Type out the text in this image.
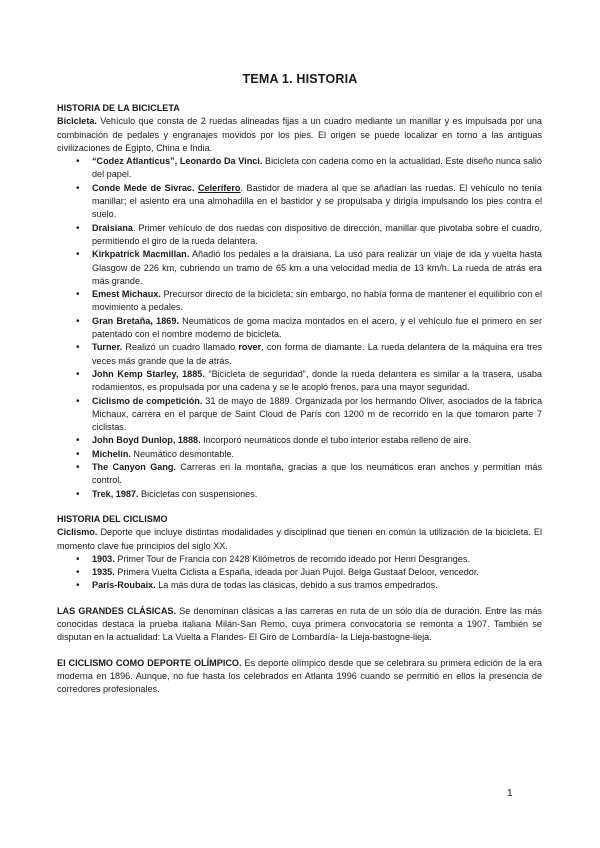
TEMA 1. HISTORIA
HISTORIA DE LA BICICLETA

Bicicleta. Vehículo que consta de 2 ruedas alineadas fijas a un cuadro mediante un manillar y es impulsada por una combinación de pedales y engranajes movidos por los pies. El origen se puede localizar en torno a las antiguas civilizaciones de Egipto, China e India.

• “Codez Atlanticus”, Leonardo Da Vinci. Bicicleta con cadena como en la actualidad. Este diseño nunca salió del papel.
• Conde Mede de Sivrac. Celerífero. Bastidor de madera al que se añadían las ruedas. El vehículo no tenía manillar; el asiento era una almohadilla en el bastidor y se propulsaba y dirigía impulsando los pies contra el suelo.
• Draisiana. Primer vehículo de dos ruedas con dispositivo de dirección, manillar que pivotaba sobre el cuadro, permitiendo el giro de la rueda delantera.
• Kirkpatrick Macmillan. Añadió los pedales a la draisiana. La usó para realizar un viaje de ida y vuelta hasta Glasgow de 226 km, cubriendo un tramo de 65 km a una velocidad media de 13 km/h. La rueda de atrás era más grande.
• Emest Michaux. Precursor directo de la bicicleta; sin embargo, no había forma de mantener el equilibrio con el movimiento a pedales.
• Gran Bretaña, 1869. Neumáticos de goma maciza montados en el acero, y el vehículo fue el primero en ser patentado con el nombre moderno de bicicleta.
• Turner. Realizó un cuadro llamado rover, con forma de diamante. La rueda delantera de la máquina era tres veces más grande que la de atrás.
• John Kemp Starley, 1885. “Bicicleta de seguridad”, donde la rueda delantera es similar a la trasera, usaba rodamientos, es propulsada por una cadena y se le acopló frenos, para una mayor seguridad.
• Ciclismo de competición. 31 de mayo de 1889. Organizada por los hermando Oliver, asociados de la fábrica Michaux, carrera en el parque de Saint Cloud de París con 1200 m de recorrido en la que tomaron parte 7 ciclistas.
• John Boyd Dunlop, 1888. Incorporó neumáticos donde el tubo interior estaba relleno de aire.
• Michelín. Neumático desmontable.
• The Canyon Gang. Carreras en la montaña, gracias a que los neumáticos eran anchos y permitían más control.
• Trek, 1987. Bicicletas con suspensiones.
HISTORIA DEL CICLISMO

Ciclismo. Deporte que incluye distintas modalidades y disciplinad que tienen en común la utilización de la bicicleta. El momento clave fue principios del siglo XX.

• 1903. Primer Tour de Francia con 2428 Kilómetros de recorrido ideado por Henri Desgranges.
• 1935. Primera Vuelta Ciclista a España, ideada por Juan Pujol. Belga Gustaaf Deloor, vencedor.
• París-Roubaix. La más dura de todas las clásicas, debido a sus tramos empedrados.

LAS GRANDES CLÁSICAS. Se denominan clásicas a las carreras en ruta de un sólo día de duración. Entre las más conocidas destaca la prueba italiana Milán-San Remo, cuya primera convocatoria se remonta a 1907. También se disputan en la actualidad: La Vuelta a Flandes- El Giro de Lombardía- la Lieja-bastogne-lieja.

El CICLISMO COMO DEPORTE OLÍMPICO. Es deporte olímpico desde que se celebrara su primera edición de la era moderna en 1896. Aunque, no fue hasta los celebrados en Atlanta 1996 cuando se permitió en ellos la presencia de corredores profesionales.

1
